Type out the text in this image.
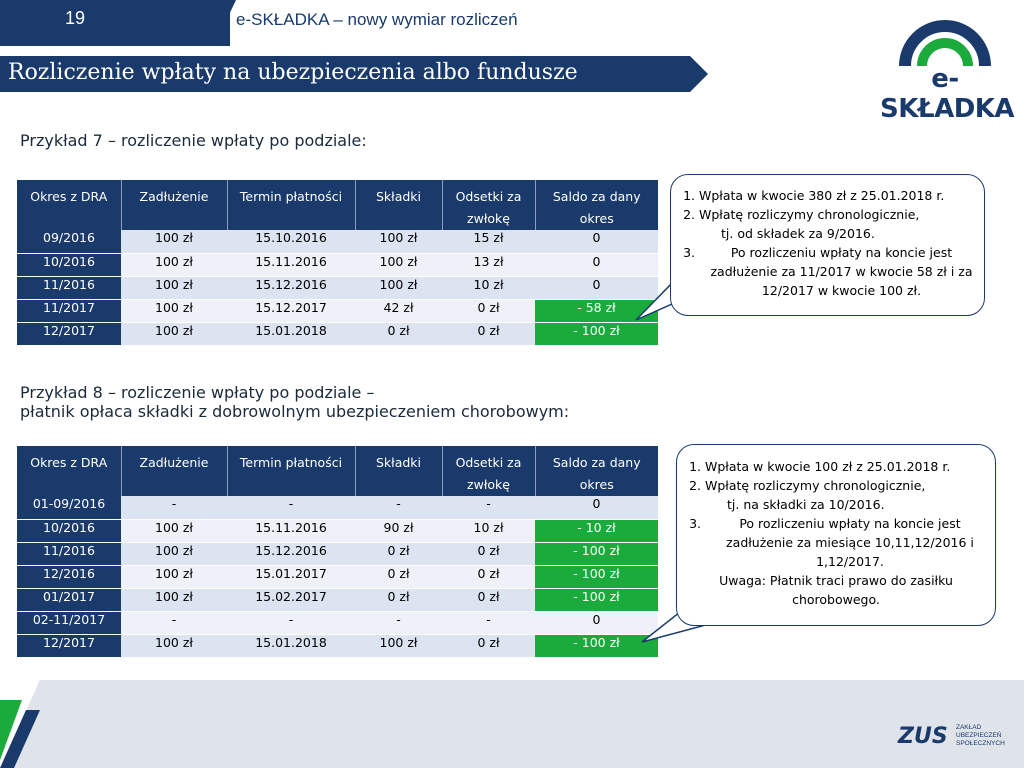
19	e-SKŁADKA – nowy wymiar rozliczeń
Rozliczenie wpłaty na ubezpieczenia albo fundusze	e-SKŁADKA
Przykład 7 – rozliczenie wpłaty po podziale:
Okres z DRA	Zadłużenie	Termin płatności	Składki	Odsetki za zwłokę	Saldo za dany okres
09/2016	100 zł	15.10.2016	100 zł	15 zł	0
10/2016	100 zł	15.11.2016	100 zł	13 zł	0
11/2016	100 zł	15.12.2016	100 zł	10 zł	0
11/2017	100 zł	15.12.2017	42 zł	0 zł	- 58 zł
12/2017	100 zł	15.01.2018	0 zł	0 zł	- 100 zł
1. Wpłata w kwocie 380 zł z 25.01.2018 r.
2. Wpłatę rozliczymy chronologicznie,

tj. od składek za 9/2016.
3. Po rozliczeniu wpłaty na koncie jest zadłużenie za 11/2017 w kwocie 58 zł i za 12/2017 w kwocie 100 zł.
Przykład 8 – rozliczenie wpłaty po podziale –
płatnik opłaca składki z dobrowolnym ubezpieczeniem chorobowym:
Okres z DRA	Zadłużenie	Termin płatności	Składki	Odsetki za zwłokę	Saldo za dany okres
01-09/2016	-	-	-	-	0
10/2016	100 zł	15.11.2016	90 zł	10 zł	- 10 zł
11/2016	100 zł	15.12.2016	0 zł	0 zł	- 100 zł
12/2016	100 zł	15.01.2017	0 zł	0 zł	- 100 zł
01/2017	100 zł	15.02.2017	0 zł	0 zł	- 100 zł
02-11/2017	-	-	-	-	0
12/2017	100 zł	15.01.2018	100 zł	0 zł	- 100 zł
1. Wpłata w kwocie 100 zł z 25.01.2018 r.
2. Wpłatę rozliczymy chronologicznie,

tj. na składki za 10/2016.
3. Po rozliczeniu wpłaty na koncie jest zadłużenie za miesiące 10,11,12/2016 i 1,12/2017.
Uwaga: Płatnik traci prawo do zasiłku chorobowego.
ZUS ZAKŁAD
UBEZPIECZEŃ
SPOŁECZNYCH
